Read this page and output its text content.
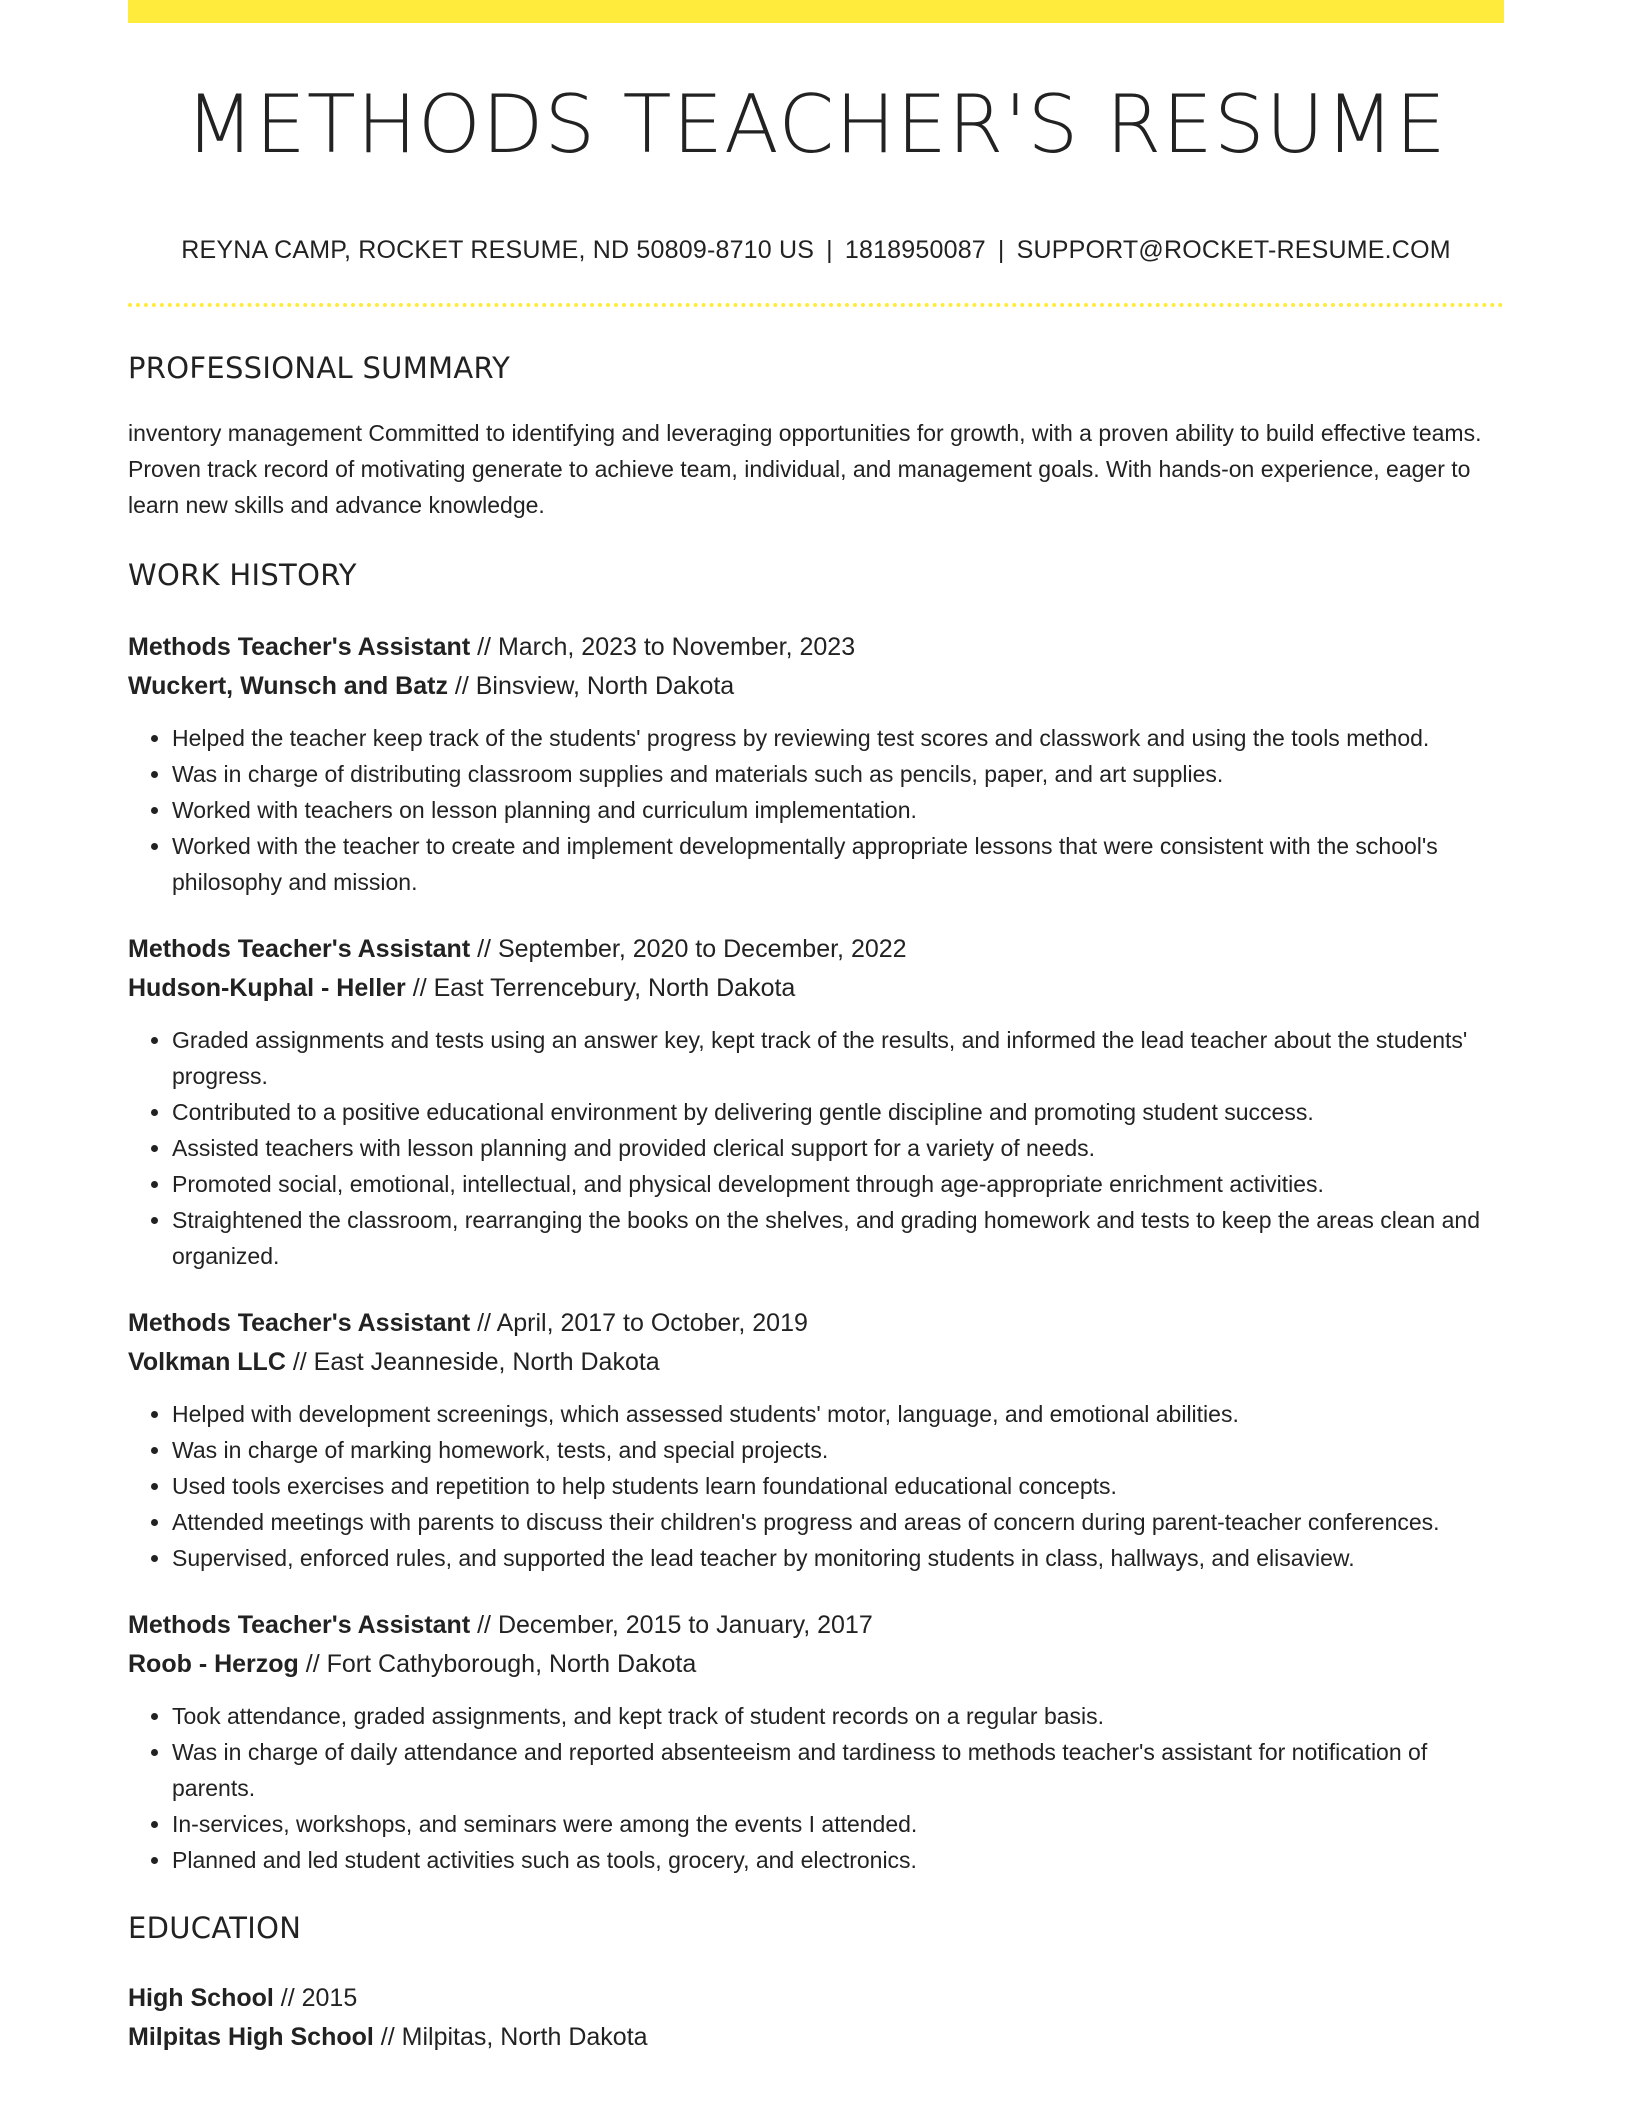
METHODS TEACHER'S RESUME
REYNA CAMP, ROCKET RESUME, ND 50809-8710 US | 1818950087 | SUPPORT@ROCKET-RESUME.COM
PROFESSIONAL SUMMARY

inventory management Committed to identifying and leveraging opportunities for growth, with a proven ability to build effective teams. Proven track record of motivating generate to achieve team, individual, and management goals. With hands-on experience, eager to learn new skills and advance knowledge.

WORK HISTORY
Methods Teacher's Assistant // March, 2023 to November, 2023
Wuckert, Wunsch and Batz // Binsview, North Dakota
• Helped the teacher keep track of the students' progress by reviewing test scores and classwork and using the tools method.
• Was in charge of distributing classroom supplies and materials such as pencils, paper, and art supplies.
• Worked with teachers on lesson planning and curriculum implementation.
• Worked with the teacher to create and implement developmentally appropriate lessons that were consistent with the school's philosophy and mission.
Methods Teacher's Assistant // September, 2020 to December, 2022
Hudson-Kuphal - Heller // East Terrencebury, North Dakota
• Graded assignments and tests using an answer key, kept track of the results, and informed the lead teacher about the students' progress.
• Contributed to a positive educational environment by delivering gentle discipline and promoting student success.
• Assisted teachers with lesson planning and provided clerical support for a variety of needs.
• Promoted social, emotional, intellectual, and physical development through age-appropriate enrichment activities.
• Straightened the classroom, rearranging the books on the shelves, and grading homework and tests to keep the areas clean and organized.
Methods Teacher's Assistant // April, 2017 to October, 2019
Volkman LLC // East Jeanneside, North Dakota
• Helped with development screenings, which assessed students' motor, language, and emotional abilities.
• Was in charge of marking homework, tests, and special projects.
• Used tools exercises and repetition to help students learn foundational educational concepts.
• Attended meetings with parents to discuss their children's progress and areas of concern during parent-teacher conferences.
• Supervised, enforced rules, and supported the lead teacher by monitoring students in class, hallways, and elisaview.
Methods Teacher's Assistant // December, 2015 to January, 2017
Roob - Herzog // Fort Cathyborough, North Dakota
• Took attendance, graded assignments, and kept track of student records on a regular basis.
• Was in charge of daily attendance and reported absenteeism and tardiness to methods teacher's assistant for notification of parents.
• In-services, workshops, and seminars were among the events I attended.
• Planned and led student activities such as tools, grocery, and electronics.
EDUCATION
High School // 2015
Milpitas High School // Milpitas, North Dakota
